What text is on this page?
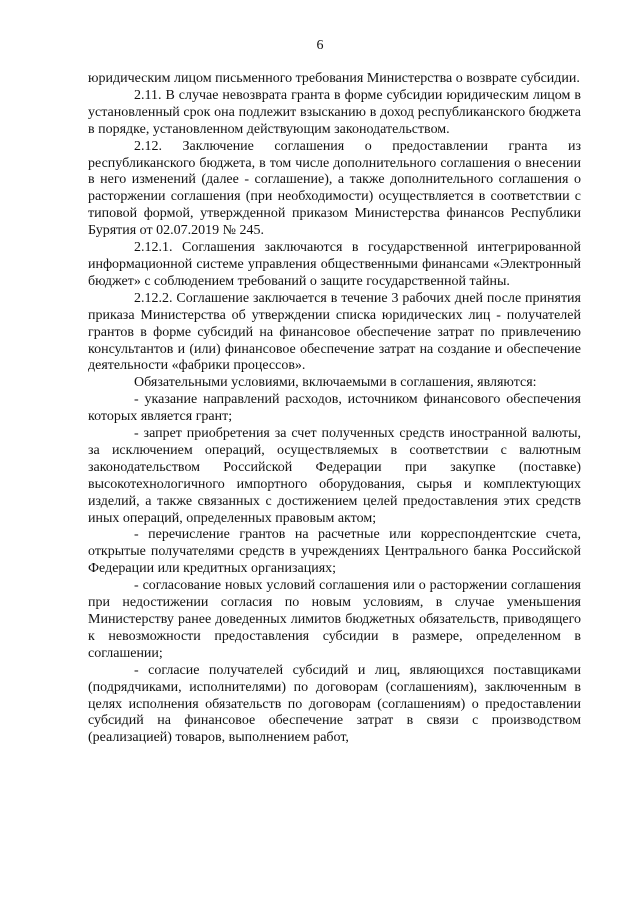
6

юридическим лицом письменного требования Министерства о возврате субсидии.

2.11. В случае невозврата гранта в форме субсидии юридическим лицом в установленный срок она подлежит взысканию в доход республиканского бюджета в порядке, установленном действующим законодательством.

2.12. Заключение соглашения о предоставлении гранта из республиканского бюджета, в том числе дополнительного соглашения о внесении в него изменений (далее - соглашение), а также дополнительного соглашения о расторжении соглашения (при необходимости) осуществляется в соответствии с типовой формой, утвержденной приказом Министерства финансов Республики Бурятия от 02.07.2019 № 245.

2.12.1. Соглашения заключаются в государственной интегрированной информационной системе управления общественными финансами «Электронный бюджет» с соблюдением требований о защите государственной тайны.

2.12.2. Соглашение заключается в течение 3 рабочих дней после принятия приказа Министерства об утверждении списка юридических лиц - получателей грантов в форме субсидий на финансовое обеспечение затрат по привлечению консультантов и (или) финансовое обеспечение затрат на создание и обеспечение деятельности «фабрики процессов».

Обязательными условиями, включаемыми в соглашения, являются:

- указание направлений расходов, источником финансового обеспечения которых является грант;

- запрет приобретения за счет полученных средств иностранной валюты, за исключением операций, осуществляемых в соответствии с валютным законодательством Российской Федерации при закупке (поставке) высокотехнологичного импортного оборудования, сырья и комплектующих изделий, а также связанных с достижением целей предоставления этих средств иных операций, определенных правовым актом;

- перечисление грантов на расчетные или корреспондентские счета, открытые получателями средств в учреждениях Центрального банка Российской Федерации или кредитных организациях;

- согласование новых условий соглашения или о расторжении соглашения при недостижении согласия по новым условиям, в случае уменьшения Министерству ранее доведенных лимитов бюджетных обязательств, приводящего к невозможности предоставления субсидии в размере, определенном в соглашении;

- согласие получателей субсидий и лиц, являющихся поставщиками (подрядчиками, исполнителями) по договорам (соглашениям), заключенным в целях исполнения обязательств по договорам (соглашениям) о предоставлении субсидий на финансовое обеспечение затрат в связи с производством (реализацией) товаров, выполнением работ,
